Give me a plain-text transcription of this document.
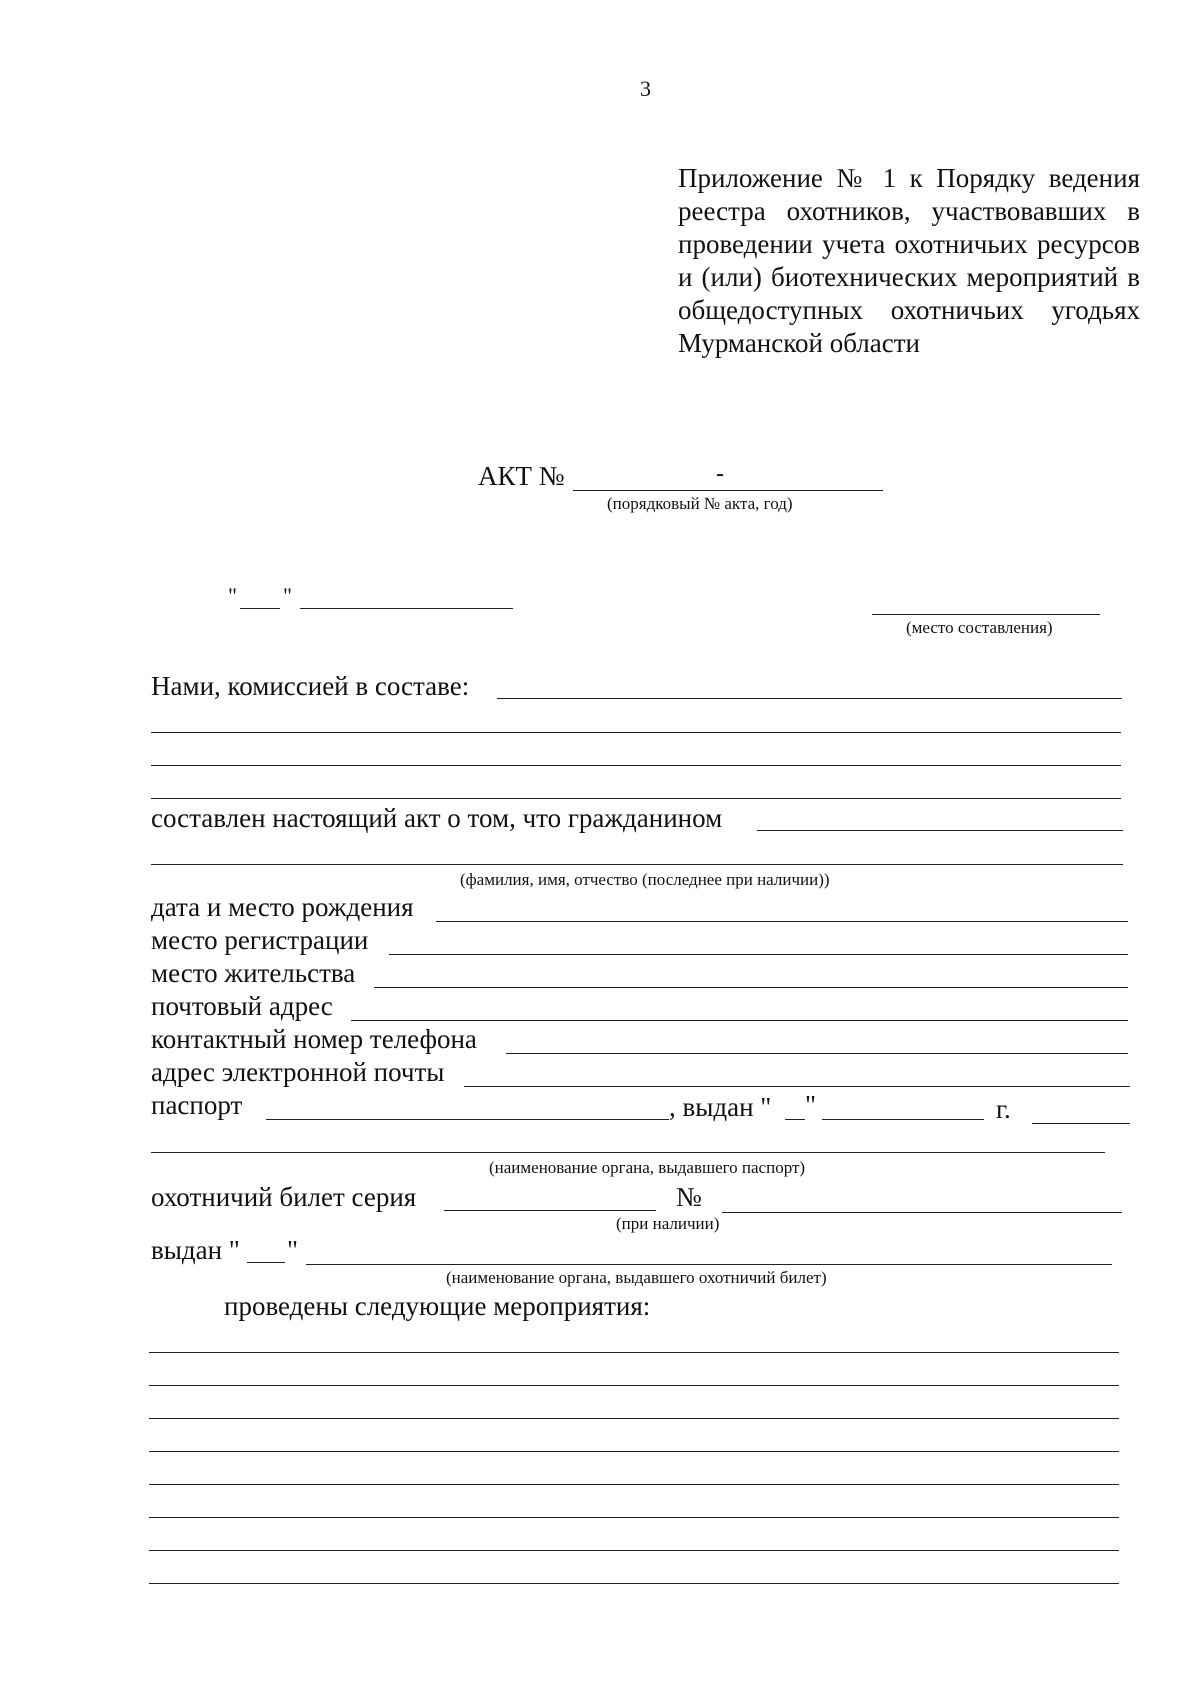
3
Приложение № 1 к Порядку ведения реестра охотников, участвовавших в проведении учета охотничьих ресурсов и (или) биотехнических мероприятий в общедоступных охотничьих угодьях Мурманской области
АКТ №	-
(порядковый № акта, год)
" "
(место составления)
Нами, комиссией в составе:
составлен настоящий акт о том, что гражданином
(фамилия, имя, отчество (последнее при наличии))
дата и место рождения
место регистрации
место жительства
почтовый адрес
контактный номер телефона
адрес электронной почты
паспорт	, выдан " "	г.
(наименование органа, выдавшего паспорт)
охотничий билет серия	№
(при наличии)
выдан " "
(наименование органа, выдавшего охотничий билет)
проведены следующие мероприятия:
